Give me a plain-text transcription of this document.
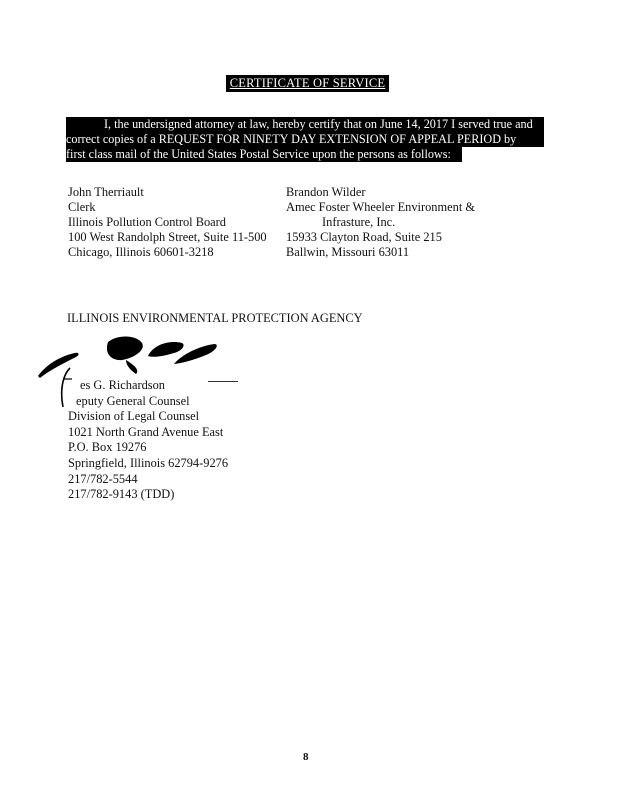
CERTIFICATE OF SERVICE
I, the undersigned attorney at law, hereby certify that on June 14, 2017 I served true and
correct copies of a REQUEST FOR NINETY DAY EXTENSION OF APPEAL PERIOD by
first class mail of the United States Postal Service upon the persons as follows:
John Therriault
Clerk
Illinois Pollution Control Board
100 West Randolph Street, Suite 11-500
Chicago, Illinois 60601-3218
Brandon Wilder
Amec Foster Wheeler Environment &
Infrasture, Inc.
15933 Clayton Road, Suite 215
Ballwin, Missouri 63011
ILLINOIS ENVIRONMENTAL PROTECTION AGENCY
es G. Richardson
eputy General Counsel
Division of Legal Counsel
1021 North Grand Avenue East
P.O. Box 19276
Springfield, Illinois 62794-9276
217/782-5544
217/782-9143 (TDD)
8
